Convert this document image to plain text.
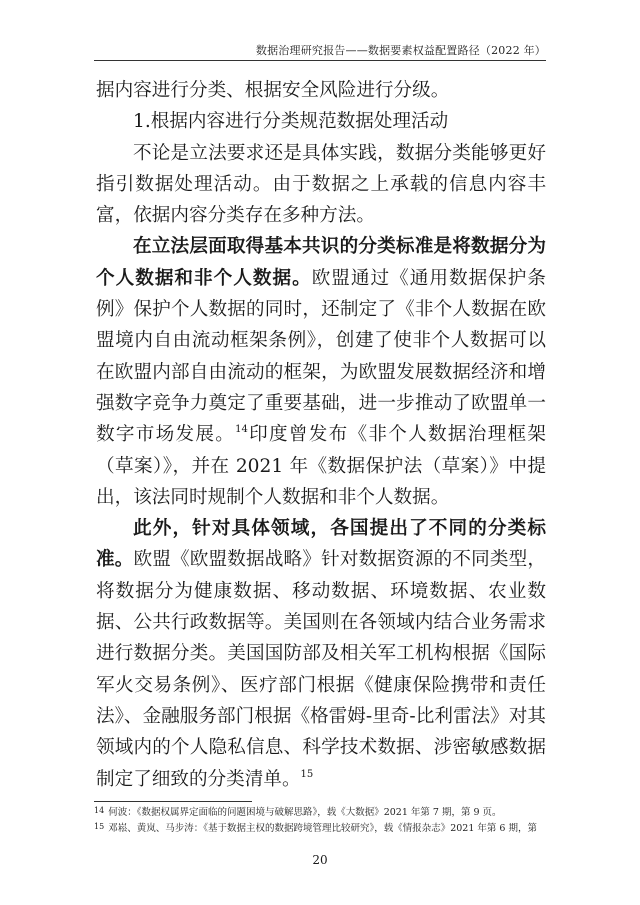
数据治理研究报告——数据要素权益配置路径（2022 年）

据内容进行分类、根据安全风险进行分级。

1.根据内容进行分类规范数据处理活动

不论是立法要求还是具体实践，数据分类能够更好指引数据处理活动。由于数据之上承载的信息内容丰富，依据内容分类存在多种方法。

在立法层面取得基本共识的分类标准是将数据分为个人数据和非个人数据。欧盟通过《通用数据保护条例》保护个人数据的同时，还制定了《非个人数据在欧盟境内自由流动框架条例》，创建了使非个人数据可以在欧盟内部自由流动的框架，为欧盟发展数据经济和增强数字竞争力奠定了重要基础，进一步推动了欧盟单一数字市场发展。$^{14}$印度曾发布《非个人数据治理框架（草案）》，并在 2021 年《数据保护法（草案）》中提出，该法同时规制个人数据和非个人数据。

此外，针对具体领域，各国提出了不同的分类标准。欧盟《欧盟数据战略》针对数据资源的不同类型，将数据分为健康数据、移动数据、环境数据、农业数据、公共行政数据等。美国则在各领域内结合业务需求进行数据分类。美国国防部及相关军工机构根据《国际军火交易条例》、医疗部门根据《健康保险携带和责任法》、金融服务部门根据《格雷姆-里奇-比利雷法》对其领域内的个人隐私信息、科学技术数据、涉密敏感数据制定了细致的分类清单。$^{15}$

$^{14}$ 何波：《数据权属界定面临的问题困境与破解思路》，载《大数据》2021 年第 7 期，第 9 页。

$^{15}$ 邓崧、黄岚、马步涛：《基于数据主权的数据跨境管理比较研究》，载《情报杂志》2021 年第 6 期，第

20
